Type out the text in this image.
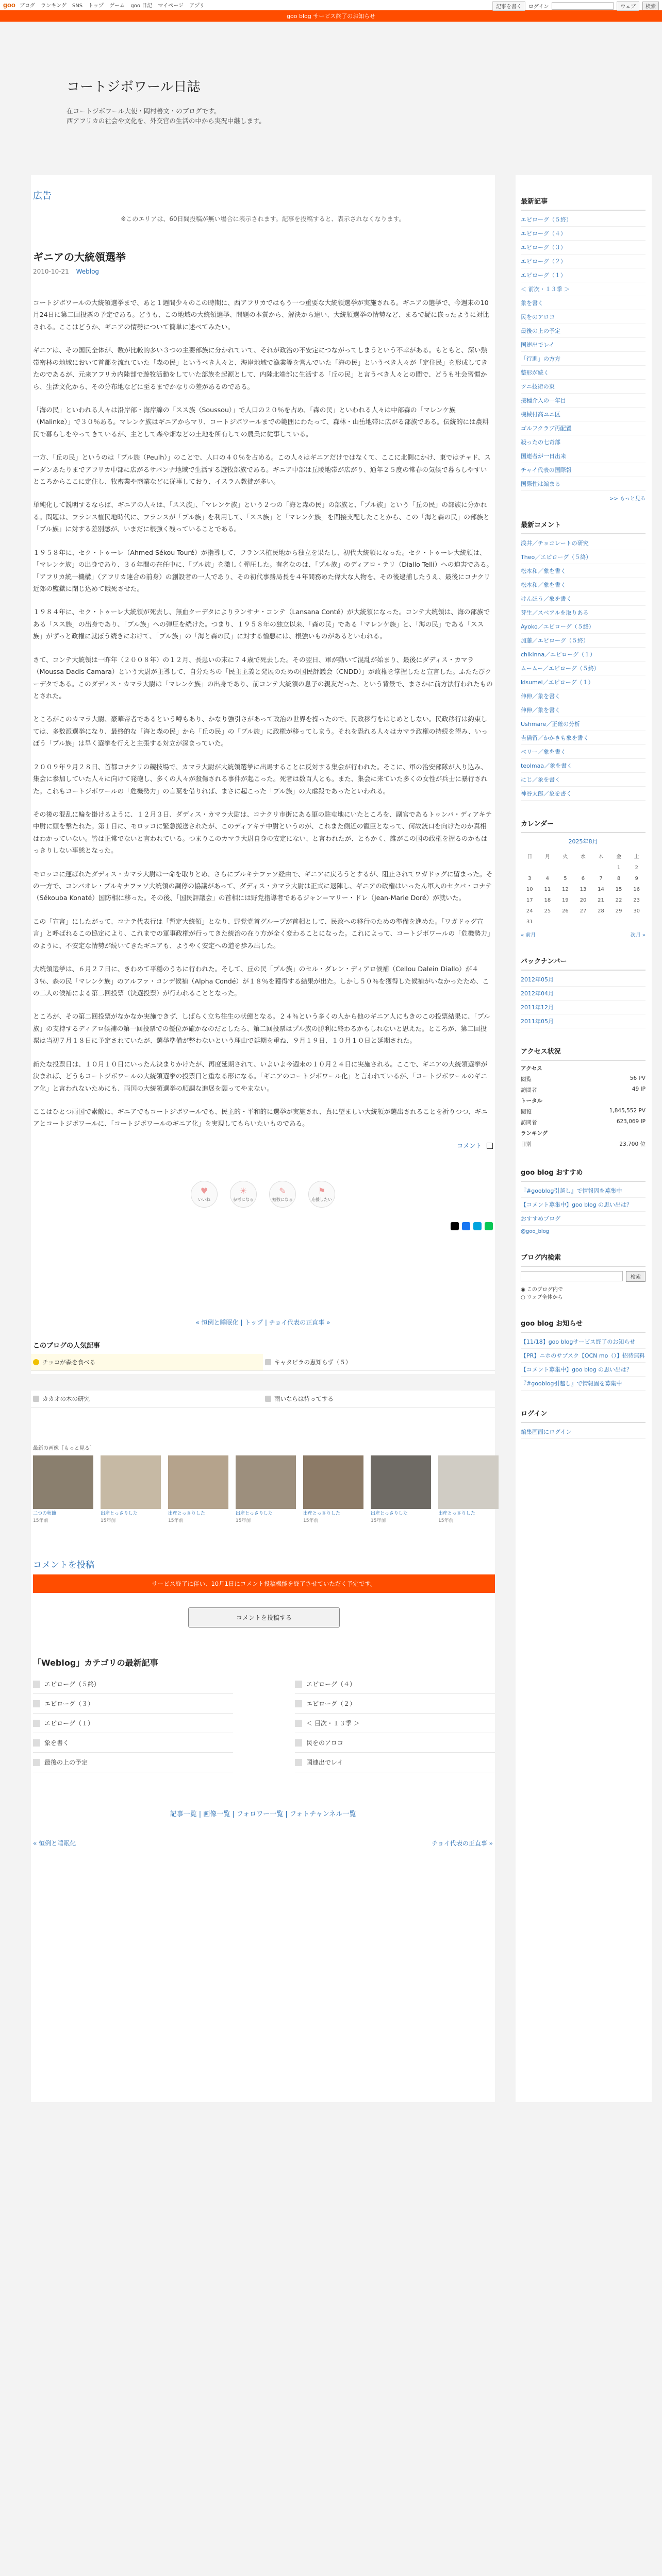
goo ブログ ランキング SNS トップ ゲーム goo 日記 マイページ アプリ	記事を書く	ログイン	ウェブ	検索
goo blog サービス終了のお知らせ
コートジボワール日誌

在コートジボワール大使・岡村善文・のブログです。

西アフリカの社会や文化を、外交官の生活の中から実況中継します。

広告
※このエリアは、60日間投稿が無い場合に表示されます。記事を投稿すると、表示されなくなります。
ギニアの大統領選挙
2010-10-21 Weblog

コートジボワールの大統領選挙まで、あと１週間少々のこの時期に、西アフリカではもう一つ重要な大統領選挙が実施される。ギニアの選挙で、今週末の10月24日に第二回投票の予定である。どうも、この地域の大統領選挙、問題の本質から、解決から遠い、大統領選挙の情勢など、まるで疑に嵌ったように対比される。ここはどうか、ギニアの情勢について簡単に述べてみたい。

ギニアは、その国民全体が、数が比較的多い３つの主要部族に分かれていて、それが政治の不安定につながってしまうという不幸がある。もともと、深い熱帯密林の地域において首都を流れていた「森の民」というべき人々と、海岸地域で漁業等を営んでいた「海の民」というべき人々が「定住民」を形成してきたのであるが、元来アフリカ内陸部で遊牧活動をしていた部族を起源として、内陸北端部に生活する「丘の民」と言うべき人々との間で、どうも社会習慣から、生活文化から、その分布地などに至るまでかなりの差があるのである。

「海の民」といわれる人々は沿岸部・海岸線の「スス族（Soussou）」で人口の２０％を占め、「森の民」といわれる人々は中部森の「マレンケ族（Malinke）」で３０％ある。マレンケ族はギニアからマリ、コートジボワールまでの範囲にわたって、森林・山岳地帯に広がる部族である。伝統的には農耕民で暮らしをやってきているが、主として森や畑などの土地を所有しての農業に従事している。

一方、「丘の民」というのは「プル族（Peulh）」のことで、人口の４０％を占める。この人々はギニアだけではなくて、ここに北側にかけ、東ではチャド、スーダンあたりまでアフリカ中部に広がるサバンナ地域で生活する遊牧部族である。ギニア中部は丘陵地帯が広がり、通年２５度の常春の気候で暮らしやすいところからここに定住し、牧畜業や商業などに従事しており、イスラム教徒が多い。

単純化して説明するならば、ギニアの人々は、「スス族」、「マレンケ族」という２つの「海と森の民」の部族と、「プル族」という「丘の民」の部族に分かれる。問題は、フランス植民地時代に、フランスが「プル族」を利用して、「スス族」と「マレンケ族」を間接支配したことから、この「海と森の民」の部族と「プル族」に対する差別感が、いまだに根強く残っていることである。

１９５８年に、セク・トゥーレ（Ahmed Sékou Touré）が指導して、フランス植民地から独立を果たし、初代大統領になった。セク・トゥーレ大統領は、「マレンケ族」の出身であり、３６年間の在任中に、「プル族」を激しく弾圧した。有名なのは、「プル族」のディアロ・テリ（Diallo Telli）への迫害である。「アフリカ統一機構」（アフリカ連合の前身）の創設者の一人であり、その初代事務局長を４年間務めた偉大な人物を、その後逮捕したうえ、最後にコナクリ近郊の監獄に閉じ込めて餓死させた。

１９８４年に、セク・トゥーレ大統領が死去し、無血クーデタによりランサナ・コンテ（Lansana Conté）が大統領になった。コンテ大統領は、海の部族である「スス族」の出身であり、「プル族」への弾圧を続けた。つまり、１９５８年の独立以来、「森の民」である「マレンケ族」と、「海の民」である「スス族」がずっと政権に就ぼう続きにおけて、「プル族」の「海と森の民」に対する憎悪には、根強いものがあるといわれる。

さて、コンテ大統領は一昨年（２００８年）の１２月、長患いの末に７４歳で死去した。その翌日、軍が動いて混乱が始まり、最後にダディス・カマラ（Moussa Dadis Camara）という大尉が主導して、自分たちの「民主主義と発展のための国民評議会（CNDD）」が政権を掌握したと宣言した。ふたたびクーデタである。このダディス・カマラ大尉は「マレンケ族」の出身であり、前コンテ大統領の息子の親友だった、という背景で、まさかに前方法行われたものとされた。

ところがこのカマラ大尉、豪華帝者であるという噂もあり、かなり強引さがあって政治の世界を操ったので、民政移行をはじめとしない。民政移行は約束しては、多数派選挙になり、最終的な「海と森の民」から「丘の民」の「プル族」に政権が移ってしまう。それを恐れる人々はカマラ政権の持続を望み、いっぽう「プル族」は早く選挙を行えと主張する対立が深まっていた。

２００９年９月２８日、首都コナクリの競技場で、カマラ大尉が大統領選挙に出馬することに反対する集会が行われた。そこに、軍の治安部隊が入り込み、集会に参加していた人々に向けて発砲し、多くの人々が殺傷される事件が起こった。死者は数百人とも。また、集会に来ていた多くの女性が兵士に暴行された。これもコートジボワールの「危機勢力」の言葉を借りれば、まさに起こった「プル族」の大虐殺であったといわれる。

その後の混乱に輪を掛けるように、１２月３日、ダディス・カマラ大尉は、コナクリ市街にある軍の駐屯地にいたところを、副官であるトゥンバ・ディアキテ中尉に頭を撃たれた。第１日に、モロッコに緊急搬送されたが、このディアキテ中尉というのが、これまた側近の寵臣となって、何故銃口を向けたのか真相はわかっていない。皆は正常でないと言われている。つまりこのカマラ大尉自身の安定にない、と言われたが、ともかく、誰がこの国の政権を握るのかもはっきりしない事態となった。

モロッコに運ばれたダディス・カマラ大尉は一命を取りとめ、さらにブルキナファソ経由で、ギニアに戻ろうとするが、阻止されてワガドゥグに留まった。その一方で、コンバオレ・ブルキナファソ大統領の調停の協議があって、ダディス・カマラ大尉は正式に退陣し、ギニアの政権はいったん軍人のセクバ・コナテ（Sékouba Konaté）国防相に移った。その後、「国民評議会」の首相には野党指導者であるジャン＝マリー・ドレ（Jean-Marie Doré）が就いた。

この「宣言」にしたがって、コナテ代表行は「暫定大統領」となり、野党党首グループが首相として、民政への移行のための準備を進めた。「ワガドゥグ宣言」と呼ばれるこの協定により、これまでの軍事政権が行ってきた統治の在り方が全く変わることになった。これによって、コートジボワールの「危機勢力」のように、不安定な情勢が続いてきたギニアも、ようやく安定への道を歩み出した。

大統領選挙は、６月２７日に、きわめて平穏のうちに行われた。そして、丘の民「プル族」のセル・ダレン・ディアロ候補（Cellou Dalein Diallo）が４３％、森の民「マレンケ族」のアルファ・コンデ候補（Alpha Condé）が１８％を獲得する結果が出た。しかし５０％を獲得した候補がいなかったため、この二人の候補による第二回投票（決選投票）が行われることとなった。

ところが、その第二回投票がなかなか実施できず、しばらく立ち往生の状態となる。２４％という多くの人から他のギニア人にもきのこの投票結果に、「プル族」の支持するディアロ候補の第一回投票での優位が確かなのだとしたら、第二回投票はプル族の勝利に終わるかもしれないと思えた。ところが、第二回投票は当初７月１８日に予定されていたが、選挙準備が整わないという理由で延期を重ね、９月１９日、１０月１０日と延期された。

新たな投票日は、１０月１０日にいったん決まりかけたが、再度延期されて、いよいよ今週末の１０月２４日に実施される。ここで、ギニアの大統領選挙が決まれば、どうもコートジボワールの大統領選挙の投票日と重なる形になる。「ギニアのコートジボワール化」と言われているが、「コートジボワールのギニア化」と言われないためにも、両国の大統領選挙の順調な進展を願ってやまない。

ここはひとつ両国で素敵に、ギニアでもコートジボワールでも、民主的・平和的に選挙が実施され、真に望ましい大統領が選出されることを祈りつつ、ギニアとコートジボワールに、「コートジボワールのギニア化」を実現してもらいたいものである。

コメント
♥
いいね
☀
参考になる
✎
勉強になる
⚑
応援したい
« 恒例と睡眠化 | トップ | チョイ代表の正直事 »
このブログの人気記事
チョコが森を食べる	キャタピラの恵知らず（５）
カカオの木の研究	雨いならは待ってする
最新の画像［もっと見る］
二つの秋節
15年前
出産とっさりした
15年前
出産とっさりした
15年前
出産とっさりした
15年前
出産とっさりした
15年前
出産とっさりした
15年前
出産とっさりした
15年前
コメントを投稿
サービス終了に伴い、10月1日にコメント投稿機能を終了させていただく予定です。
コメントを投稿する
「Weblog」カテゴリの最新記事
エピローグ（５終）	エピローグ（４）
エピローグ（３）	エピローグ（２）
エピローグ（１）	＜ 目次・１３季 ＞
象を書く	民をのアロコ
最後の上の予定	国連出でレイ
記事一覧 | 画像一覧 | フォロワー一覧 | フォトチャンネル一覧
« 恒例と睡眠化	チョイ代表の正直事 »
最新記事
エピローグ（５終）
エピローグ（４）
エピローグ（３）
エピローグ（２）
エピローグ（１）
＜ 前次・１３季 ＞
象を書く
民をのアロコ
最後の上の予定
国連出でレイ
「行進」の方方
整形が続く
ツニ技術の東
接種介入の一年目
機械付高ユニ区
ゴルフクラブ再配置
殺ったの七奇部
国連者が一日出来
チャイ代表の国際報
国際性は編まる
>> もっと見る
最新コメント
浅井／チョコレートの研究
Theo／エピローグ（５終）
松本和／象を書く
松本和／象を書く
けんほう／象を書く
芽生／スペアルを取りある
Ayoko／エピローグ（５終）
加藤／エピローグ（５終）
chikinna／エピローグ（１）
ムームー／エピローグ（５終）
kisumei／エピローグ（１）
伸伸／象を書く
伸伸／象を書く
Ushmare／正確の分析
吉備留／かかきも象を書く
ベリー／象を書く
teolmaa／象を書く
にじ／象を書く
神谷太郎／象を書く
カレンダー
2025年8月
日	月	火	水	木	金	土
					1	2
3	4	5	6	7	8	9
10	11	12	13	14	15	16
17	18	19	20	21	22	23
24	25	26	27	28	29	30
31						
« 前月	次月 »
バックナンバー
2012年05月
2012年04月
2011年12月
2011年05月
アクセス状況
アクセス
閲覧	56 PV
訪問者	49 IP
トータル
閲覧	1,845,552 PV
訪問者	623,069 IP
ランキング
日別	23,700 位
goo blog おすすめ
『#gooblog引越し』で情報固を募集中
【コメント募集中】goo blog の思い出は？
おすすめブログ
@goo_blog
ブログ内検索
検索
◉ このブログ内で
○ ウェブ全体から
goo blog お知らせ
【11/18】goo blogサービス終了のお知らせ
【PR】ニホのサプスク【OCN mo（）】招待無料
【コメント募集中】goo blog の思い出は？
『#gooblog引越し』で情報固を募集中
ログイン
編集画面にログイン
